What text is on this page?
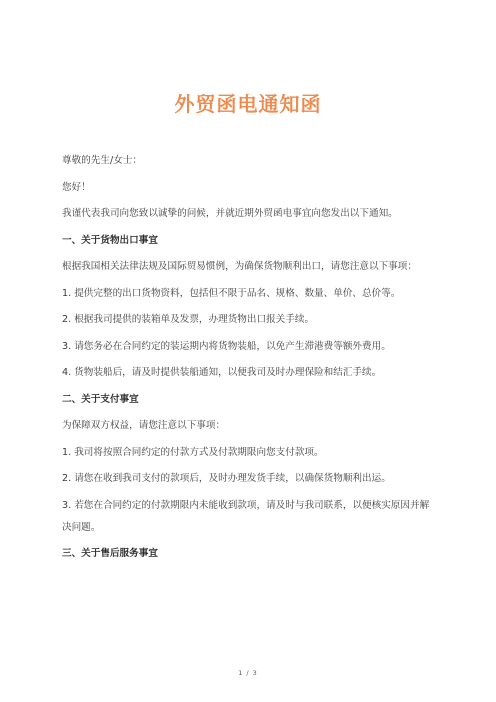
外贸函电通知函

尊敬的先生/女士：

您好！

我谨代表我司向您致以诚挚的问候，并就近期外贸函电事宜向您发出以下通知。

一、关于货物出口事宜

根据我国相关法律法规及国际贸易惯例，为确保货物顺利出口，请您注意以下事项：

1. 提供完整的出口货物资料，包括但不限于品名、规格、数量、单价、总价等。

2. 根据我司提供的装箱单及发票，办理货物出口报关手续。

3. 请您务必在合同约定的装运期内将货物装船，以免产生滞港费等额外费用。

4. 货物装船后，请及时提供装船通知，以便我司及时办理保险和结汇手续。

二、关于支付事宜

为保障双方权益，请您注意以下事项：

1. 我司将按照合同约定的付款方式及付款期限向您支付款项。

2. 请您在收到我司支付的款项后，及时办理发货手续，以确保货物顺利出运。

3. 若您在合同约定的付款期限内未能收到款项，请及时与我司联系，以便核实原因并解决问题。

三、关于售后服务事宜

1 / 3
